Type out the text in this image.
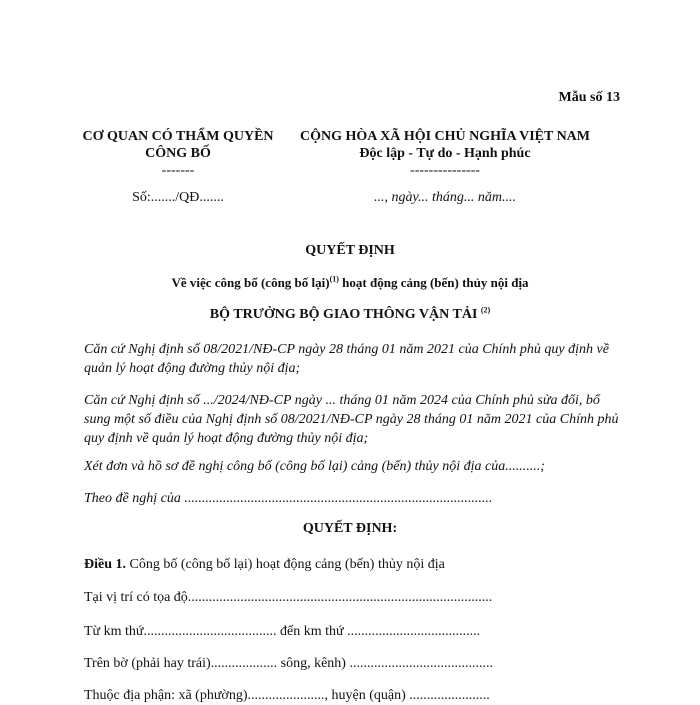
Mẫu số 13
CƠ QUAN CÓ THẨM QUYỀN
CÔNG BỐ
-------
Số:......./QĐ.......
CỘNG HÒA XÃ HỘI CHỦ NGHĨA VIỆT NAM
Độc lập - Tự do - Hạnh phúc
---------------
..., ngày... tháng... năm....
QUYẾT ĐỊNH
Về việc công bố (công bố lại)$^{(1)}$ hoạt động cảng (bến) thủy nội địa
BỘ TRƯỞNG BỘ GIAO THÔNG VẬN TẢI $^{(2)}$
Căn cứ Nghị định số 08/2021/NĐ-CP ngày 28 tháng 01 năm 2021 của Chính phủ quy định về quản lý hoạt động đường thủy nội địa;
Căn cứ Nghị định số .../2024/NĐ-CP ngày ... tháng 01 năm 2024 của Chính phủ sửa đổi, bổ sung một số điều của Nghị định số 08/2021/NĐ-CP ngày 28 tháng 01 năm 2021 của Chính phủ quy định về quản lý hoạt động đường thủy nội địa;
Xét đơn và hồ sơ đề nghị công bố (công bố lại) cảng (bến) thủy nội địa của..........;
Theo đề nghị của ........................................................................................
QUYẾT ĐỊNH:
Điều 1. Công bố (công bố lại) hoạt động cảng (bến) thủy nội địa
Tại vị trí có tọa độ.......................................................................................
Từ km thứ...................................... đến km thứ ......................................
Trên bờ (phải hay trái)................... sông, kênh) .........................................
Thuộc địa phận: xã (phường)......................, huyện (quận) .......................
